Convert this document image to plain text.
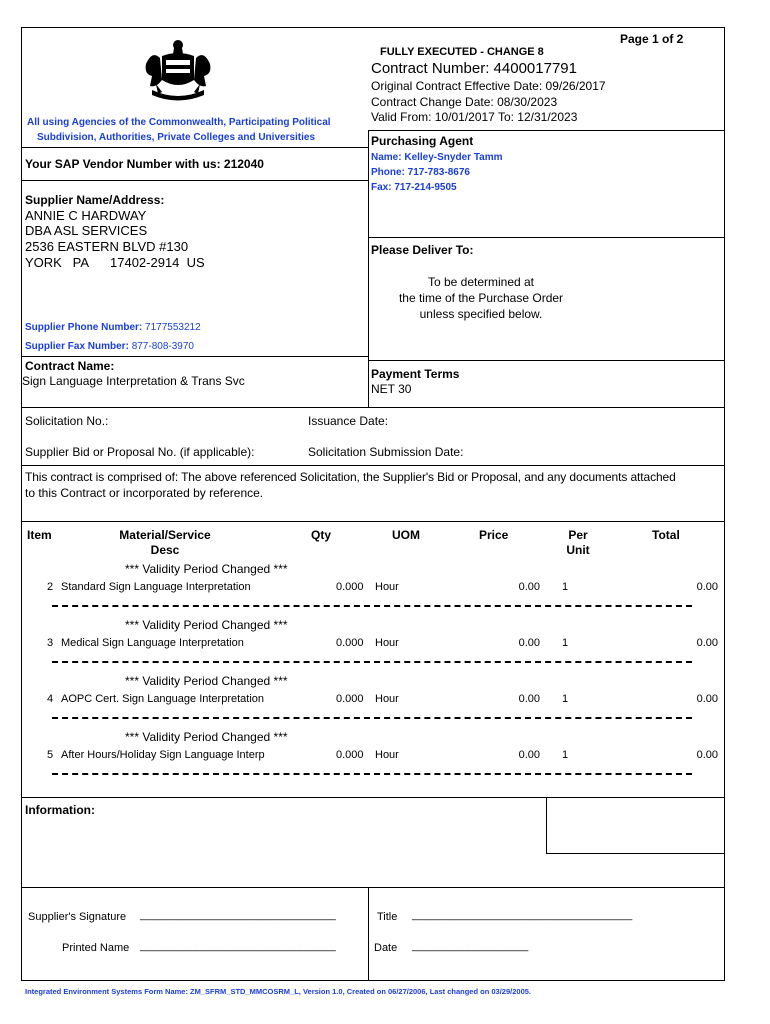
Page 1 of 2
FULLY EXECUTED - CHANGE 8
Contract Number: 4400017791
Original Contract Effective Date: 09/26/2017
Contract Change Date: 08/30/2023
Valid From: 10/01/2017 To: 12/31/2023
All using Agencies of the Commonwealth, Participating Political
Subdivision, Authorities, Private Colleges and Universities
Your SAP Vendor Number with us: 212040
Purchasing Agent
Name: Kelley-Snyder Tamm
Phone: 717-783-8676
Fax: 717-214-9505
Supplier Name/Address:
ANNIE C HARDWAY
DBA ASL SERVICES
2536 EASTERN BLVD #130
YORK   PA      17402-2914  US
Supplier Phone Number: 7177553212
Supplier Fax Number: 877-808-3970
Please Deliver To:
To be determined at
the time of the Purchase Order
unless specified below.
Contract Name:
Sign Language Interpretation & Trans Svc	Payment Terms
NET 30
Solicitation No.:	Issuance Date:
Supplier Bid or Proposal No. (if applicable):	Solicitation Submission Date:
This contract is comprised of: The above referenced Solicitation, the Supplier's Bid or Proposal, and any documents attached
to this Contract or incorporated by reference.
Item	Material/Service
Desc
Qty	UOM	Price	Per
Unit
Total
*** Validity Period Changed ***
2 Standard Sign Language Interpretation	0.000 Hour	0.00 1	0.00
*** Validity Period Changed ***
3 Medical Sign Language Interpretation	0.000 Hour	0.00 1	0.00
*** Validity Period Changed ***
4 AOPC Cert. Sign Language Interpretation	0.000 Hour	0.00 1	0.00
*** Validity Period Changed ***
5 After Hours/Holiday Sign Language Interp	0.000 Hour	0.00 1	0.00
Information:
Supplier's Signature ________________________________
Printed Name ________________________________
Title ____________________________________
Date ___________________
Integrated Environment Systems Form Name: ZM_SFRM_STD_MMCOSRM_L, Version 1.0, Created on 06/27/2006, Last changed on 03/29/2005.
